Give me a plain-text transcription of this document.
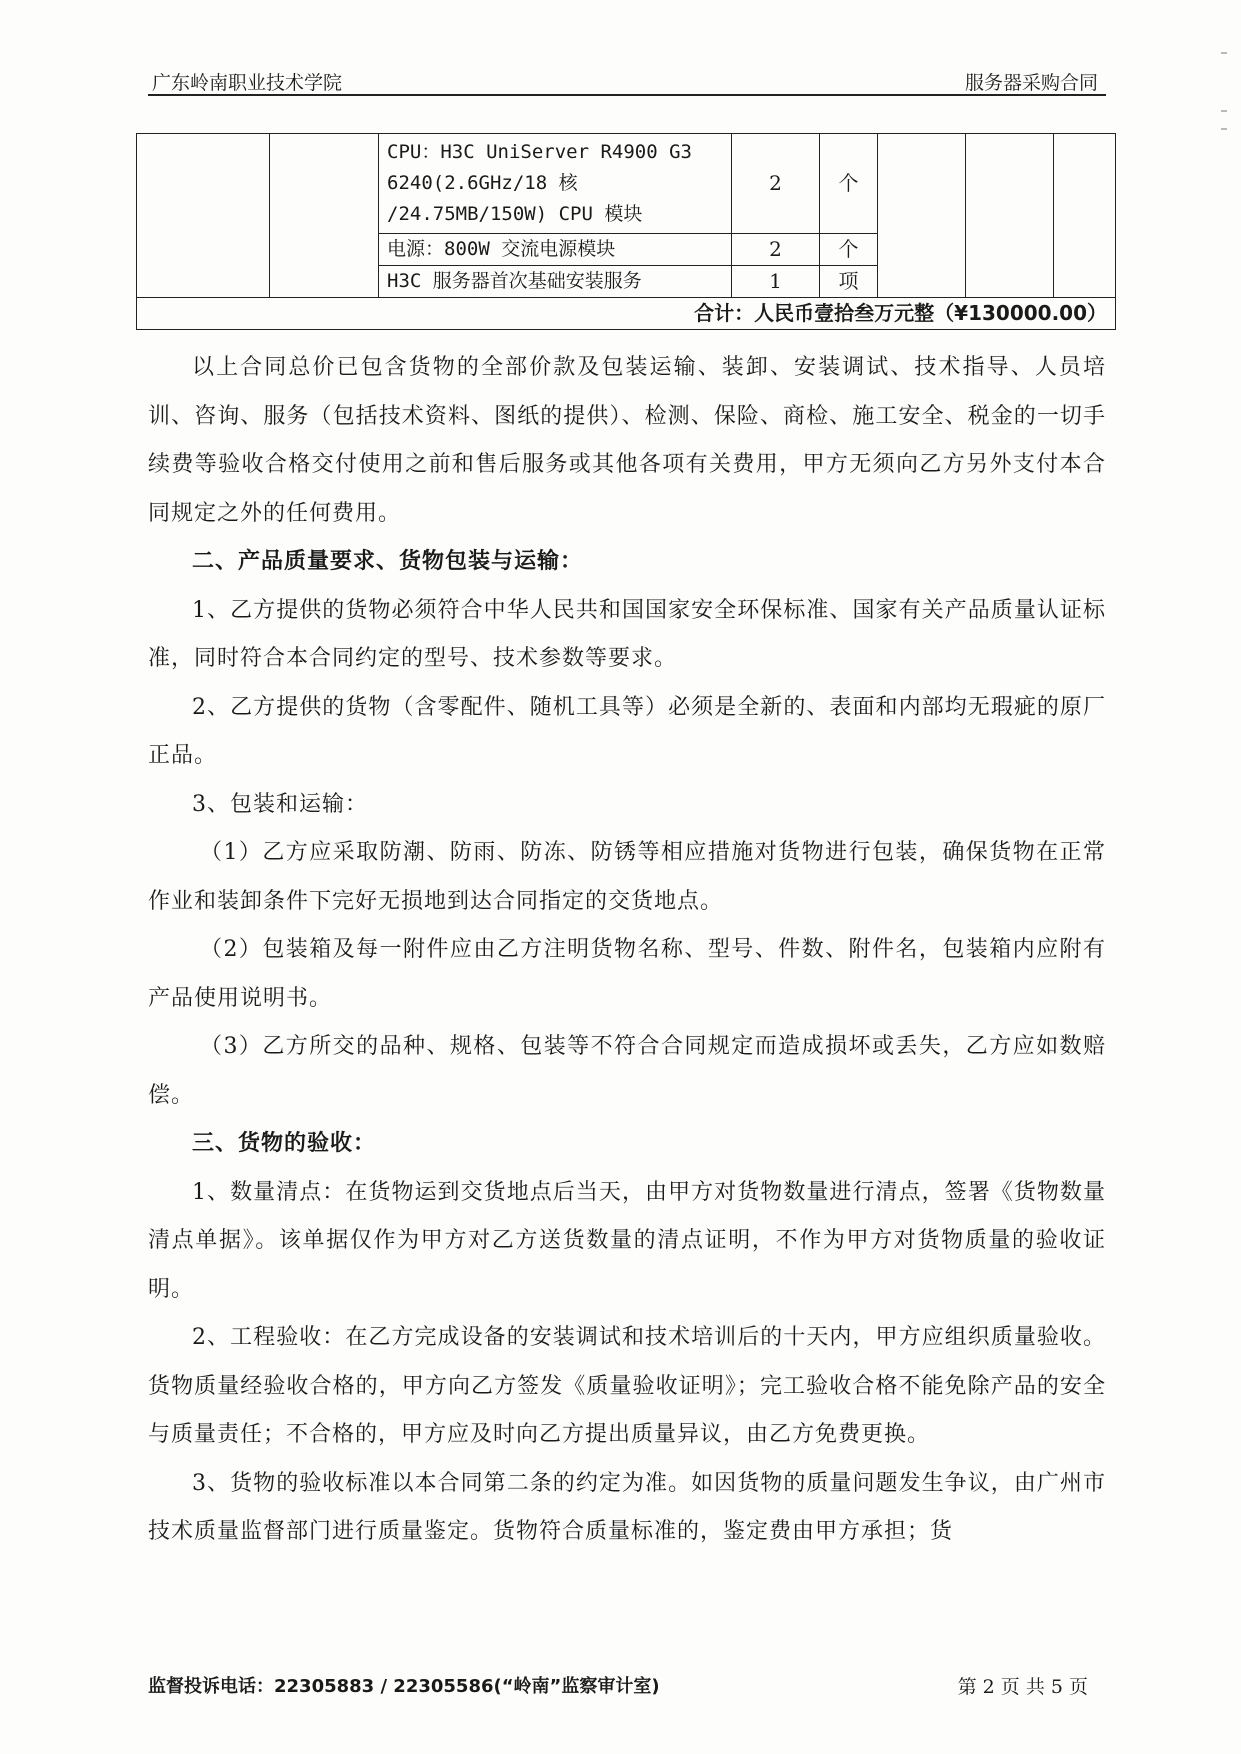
广东岭南职业技术学院	服务器采购合同

		CPU：H3C UniServer R4900 G3
6240(2.6GHz/18 核
/24.75MB/150W) CPU 模块	2	个			
		电源：800W 交流电源模块	2	个			
		H3C 服务器首次基础安装服务	1	项			
合计：人民币壹拾叁万元整（¥130000.00）							

以上合同总价已包含货物的全部价款及包装运输、装卸、安装调试、技术指导、人员培训、咨询、服务（包括技术资料、图纸的提供）、检测、保险、商检、施工安全、税金的一切手续费等验收合格交付使用之前和售后服务或其他各项有关费用，甲方无须向乙方另外支付本合同规定之外的任何费用。

二、产品质量要求、货物包装与运输：

1、乙方提供的货物必须符合中华人民共和国国家安全环保标准、国家有关产品质量认证标准，同时符合本合同约定的型号、技术参数等要求。

2、乙方提供的货物（含零配件、随机工具等）必须是全新的、表面和内部均无瑕疵的原厂正品。

3、包装和运输：

（1）乙方应采取防潮、防雨、防冻、防锈等相应措施对货物进行包装，确保货物在正常作业和装卸条件下完好无损地到达合同指定的交货地点。

（2）包装箱及每一附件应由乙方注明货物名称、型号、件数、附件名，包装箱内应附有产品使用说明书。

（3）乙方所交的品种、规格、包装等不符合合同规定而造成损坏或丢失，乙方应如数赔偿。

三、货物的验收：

1、数量清点：在货物运到交货地点后当天，由甲方对货物数量进行清点，签署《货物数量清点单据》。该单据仅作为甲方对乙方送货数量的清点证明，不作为甲方对货物质量的验收证明。

2、工程验收：在乙方完成设备的安装调试和技术培训后的十天内，甲方应组织质量验收。货物质量经验收合格的，甲方向乙方签发《质量验收证明》；完工验收合格不能免除产品的安全与质量责任；不合格的，甲方应及时向乙方提出质量异议，由乙方免费更换。

3、货物的验收标准以本合同第二条的约定为准。如因货物的质量问题发生争议，由广州市技术质量监督部门进行质量鉴定。货物符合质量标准的，鉴定费由甲方承担；货

监督投诉电话：22305883 / 22305586(“岭南”监察审计室)	第 2 页 共 5 页
